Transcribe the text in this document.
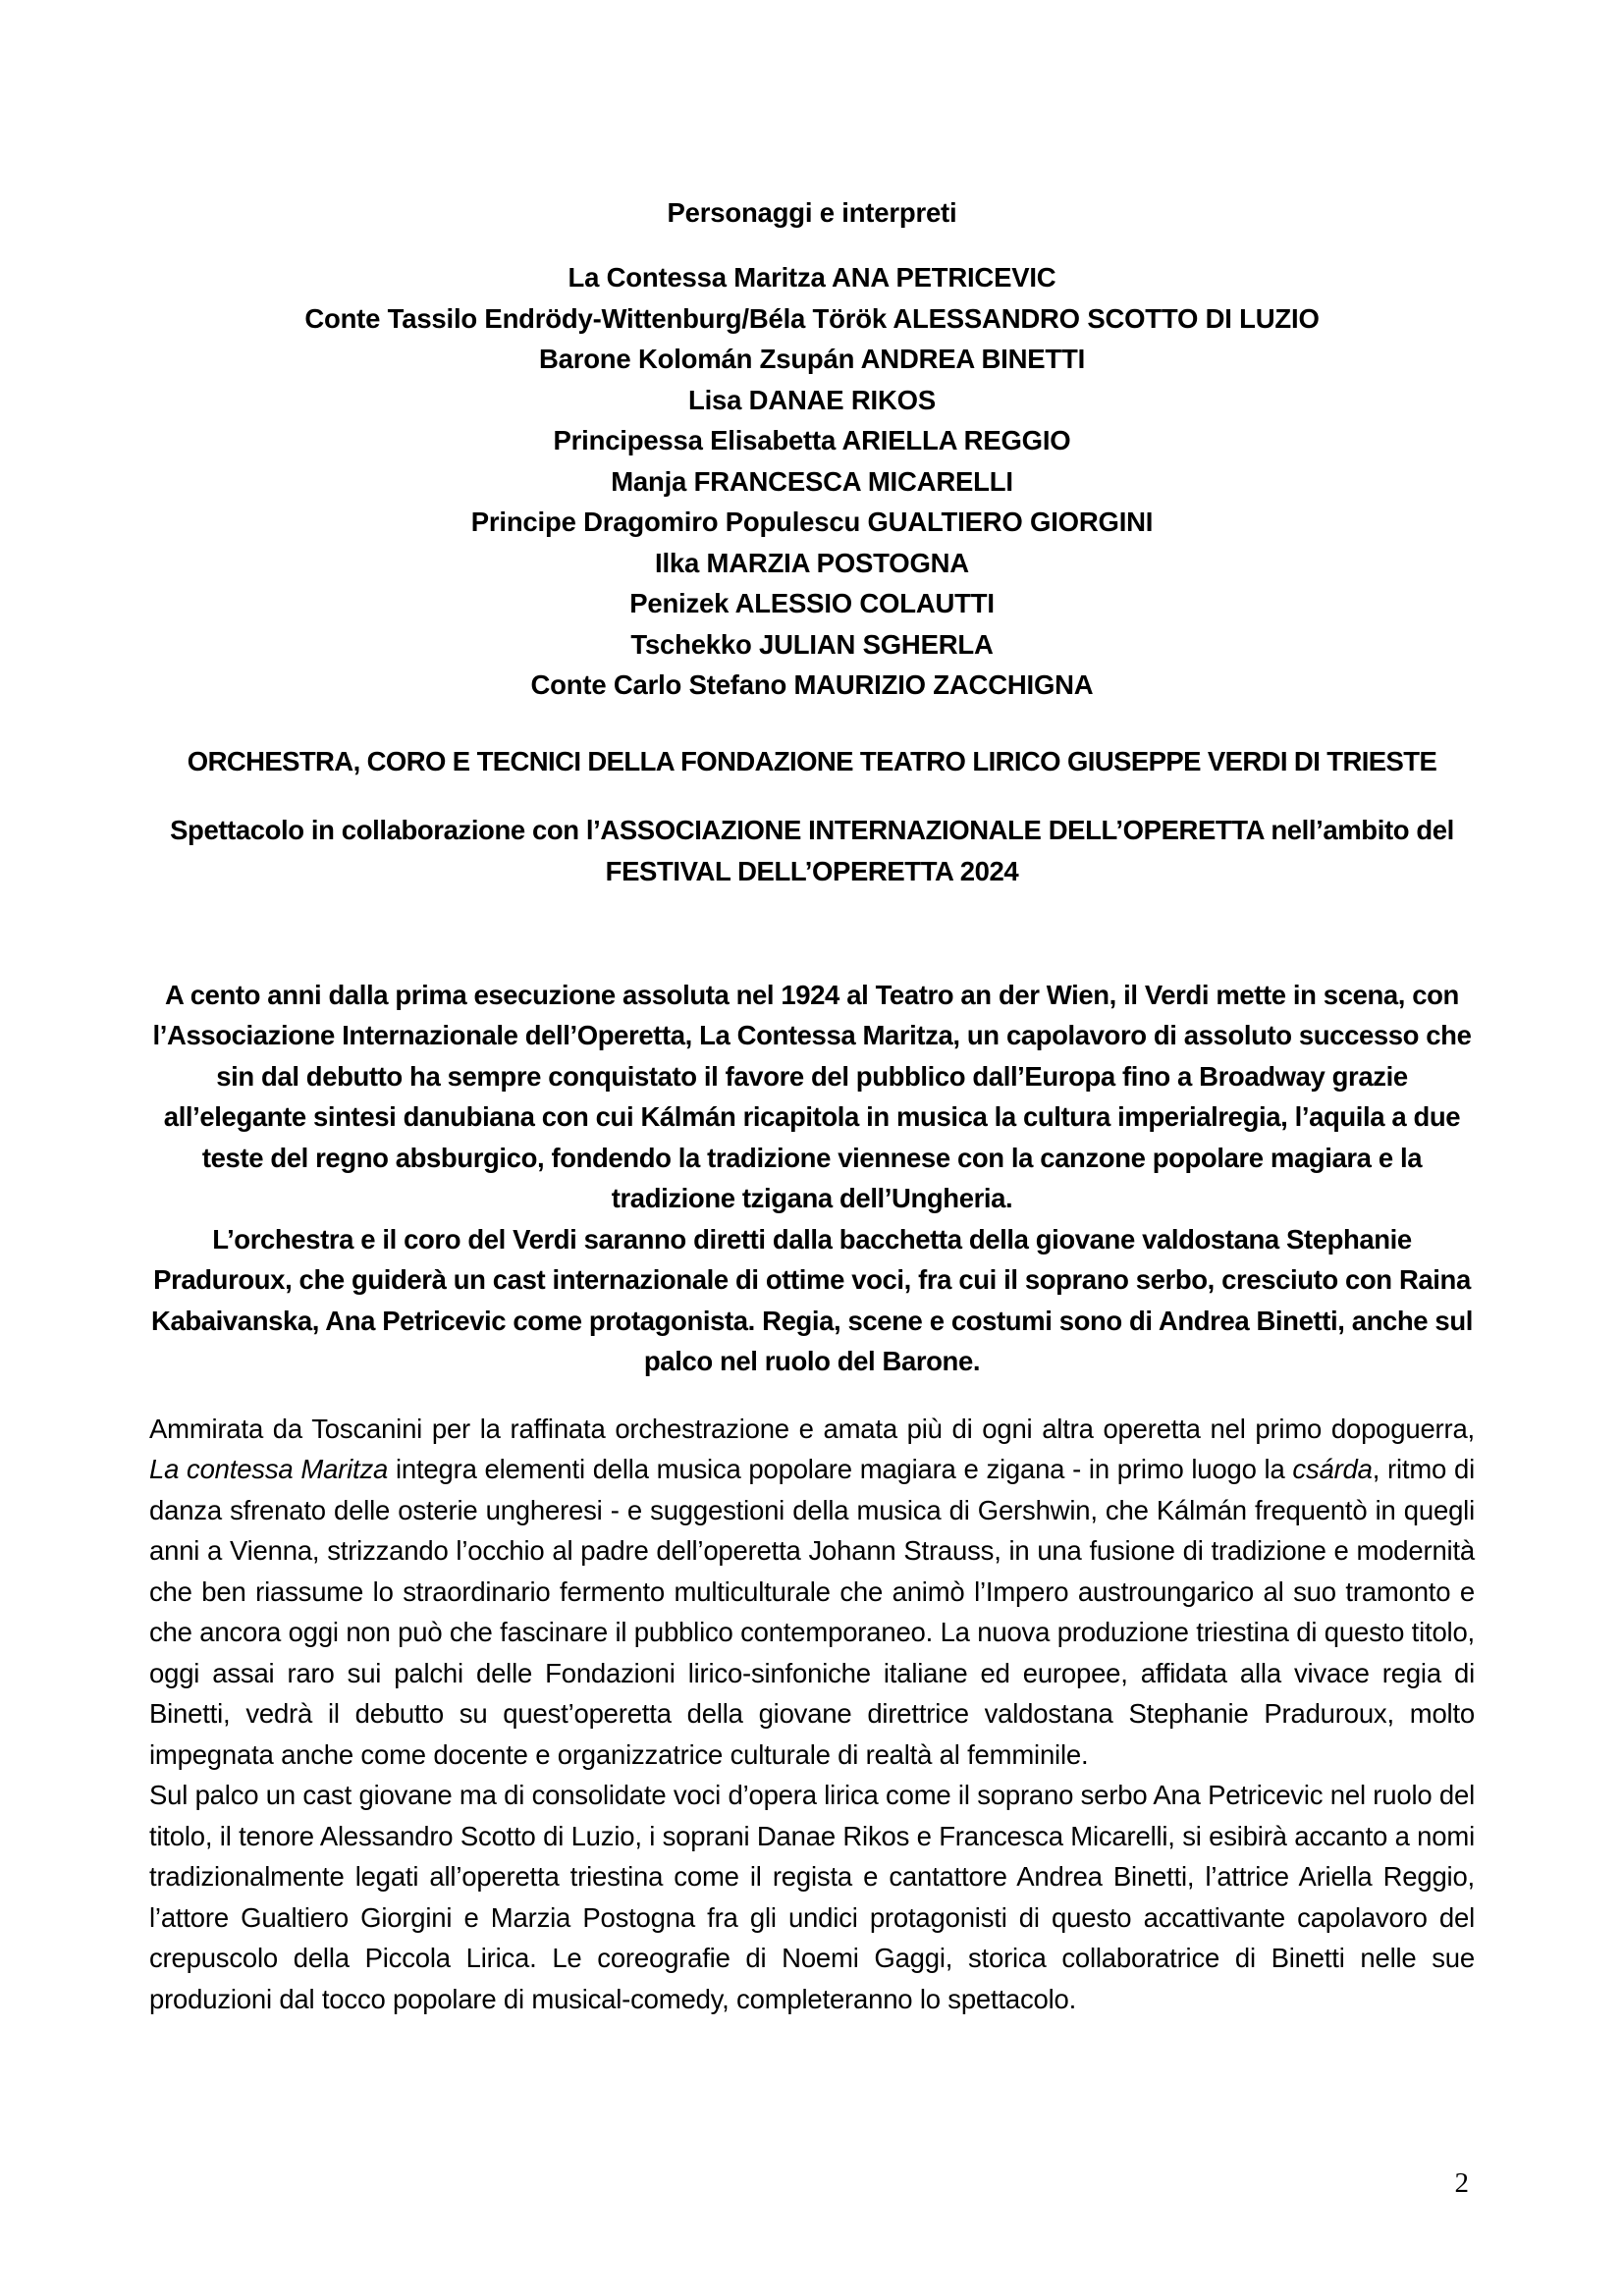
Personaggi e interpreti

La Contessa Maritza ANA PETRICEVIC

Conte Tassilo Endrödy-Wittenburg/Béla Török ALESSANDRO SCOTTO DI LUZIO

Barone Kolomán Zsupán ANDREA BINETTI

Lisa DANAE RIKOS

Principessa Elisabetta ARIELLA REGGIO

Manja FRANCESCA MICARELLI

Principe Dragomiro Populescu GUALTIERO GIORGINI

Ilka MARZIA POSTOGNA

Penizek ALESSIO COLAUTTI

Tschekko JULIAN SGHERLA

Conte Carlo Stefano MAURIZIO ZACCHIGNA

ORCHESTRA, CORO E TECNICI DELLA FONDAZIONE TEATRO LIRICO GIUSEPPE VERDI DI TRIESTE

Spettacolo in collaborazione con l’ASSOCIAZIONE INTERNAZIONALE DELL’OPERETTA nell’ambito del FESTIVAL DELL’OPERETTA 2024

A cento anni dalla prima esecuzione assoluta nel 1924 al Teatro an der Wien, il Verdi mette in scena, con l’Associazione Internazionale dell’Operetta, La Contessa Maritza, un capolavoro di assoluto successo che sin dal debutto ha sempre conquistato il favore del pubblico dall’Europa fino a Broadway grazie all’elegante sintesi danubiana con cui Kálmán ricapitola in musica la cultura imperialregia, l’aquila a due teste del regno absburgico, fondendo la tradizione viennese con la canzone popolare magiara e la tradizione tzigana dell’Ungheria.

L’orchestra e il coro del Verdi saranno diretti dalla bacchetta della giovane valdostana Stephanie Praduroux, che guiderà un cast internazionale di ottime voci, fra cui il soprano serbo, cresciuto con Raina Kabaivanska, Ana Petricevic come protagonista. Regia, scene e costumi sono di Andrea Binetti, anche sul palco nel ruolo del Barone.

Ammirata da Toscanini per la raffinata orchestrazione e amata più di ogni altra operetta nel primo dopoguerra, La contessa Maritza integra elementi della musica popolare magiara e zigana - in primo luogo la csárda, ritmo di danza sfrenato delle osterie ungheresi - e suggestioni della musica di Gershwin, che Kálmán frequentò in quegli anni a Vienna, strizzando l’occhio al padre dell’operetta Johann Strauss, in una fusione di tradizione e modernità che ben riassume lo straordinario fermento multiculturale che animò l’Impero austroungarico al suo tramonto e che ancora oggi non può che fascinare il pubblico contemporaneo. La nuova produzione triestina di questo titolo, oggi assai raro sui palchi delle Fondazioni lirico-sinfoniche italiane ed europee, affidata alla vivace regia di Binetti, vedrà il debutto su quest’operetta della giovane direttrice valdostana Stephanie Praduroux, molto impegnata anche come docente e organizzatrice culturale di realtà al femminile.

Sul palco un cast giovane ma di consolidate voci d’opera lirica come il soprano serbo Ana Petricevic nel ruolo del titolo, il tenore Alessandro Scotto di Luzio, i soprani Danae Rikos e Francesca Micarelli, si esibirà accanto a nomi tradizionalmente legati all’operetta triestina come il regista e cantattore Andrea Binetti, l’attrice Ariella Reggio, l’attore Gualtiero Giorgini e Marzia Postogna fra gli undici protagonisti di questo accattivante capolavoro del crepuscolo della Piccola Lirica. Le coreografie di Noemi Gaggi, storica collaboratrice di Binetti nelle sue produzioni dal tocco popolare di musical-comedy, completeranno lo spettacolo.

2
